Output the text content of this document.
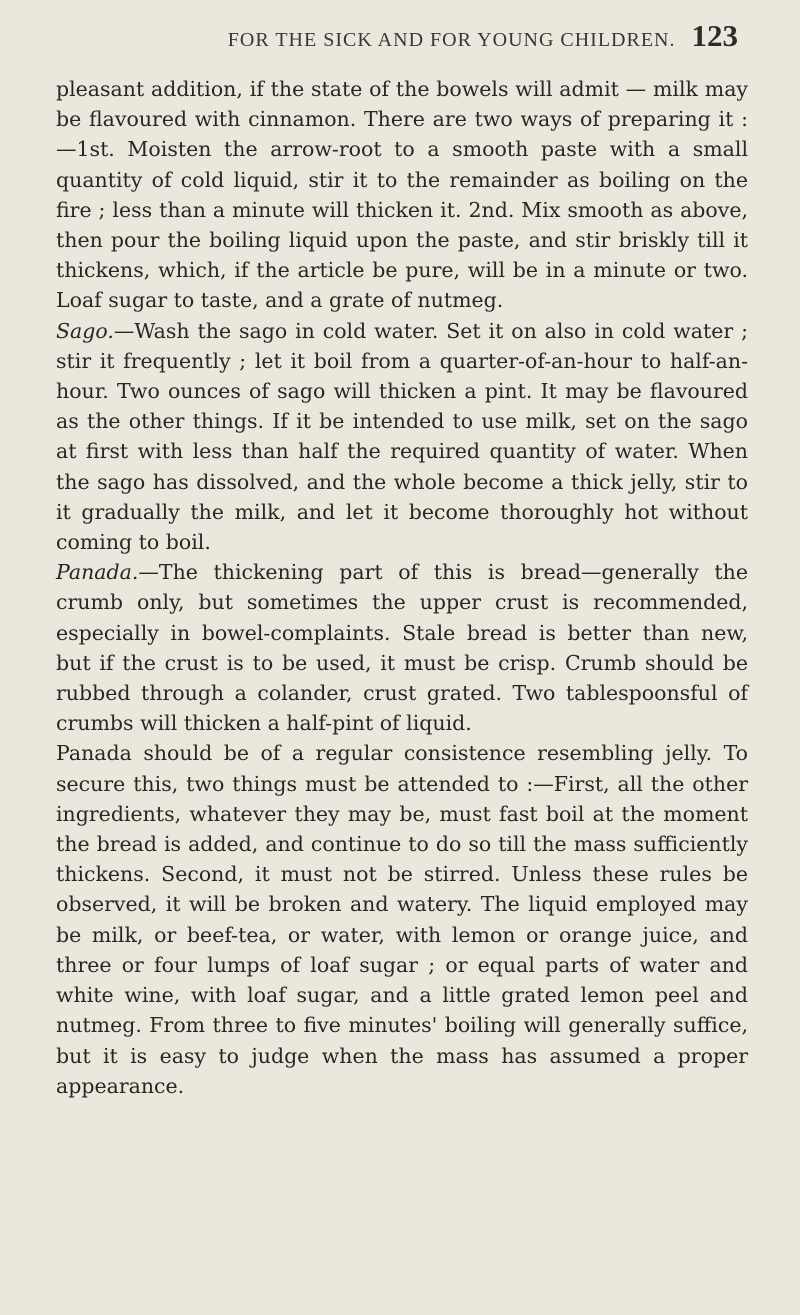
FOR THE SICK AND FOR YOUNG CHILDREN. 123

pleasant addition, if the state of the bowels will admit — milk may be flavoured with cinnamon. There are two ways of preparing it :—1st. Moisten the arrow-root to a smooth paste with a small quantity of cold liquid, stir it to the remainder as boiling on the fire ; less than a minute will thicken it. 2nd. Mix smooth as above, then pour the boiling liquid upon the paste, and stir briskly till it thickens, which, if the article be pure, will be in a minute or two. Loaf sugar to taste, and a grate of nutmeg.

Sago.—Wash the sago in cold water. Set it on also in cold water ; stir it frequently ; let it boil from a quarter-of-an-hour to half-an-hour. Two ounces of sago will thicken a pint. It may be flavoured as the other things. If it be intended to use milk, set on the sago at first with less than half the required quantity of water. When the sago has dissolved, and the whole become a thick jelly, stir to it gradually the milk, and let it become thoroughly hot without coming to boil.

Panada.—The thickening part of this is bread—generally the crumb only, but sometimes the upper crust is recommended, especially in bowel-complaints. Stale bread is better than new, but if the crust is to be used, it must be crisp. Crumb should be rubbed through a colander, crust grated. Two tablespoonsful of crumbs will thicken a half-pint of liquid.

Panada should be of a regular consistence resembling jelly. To secure this, two things must be attended to :—First, all the other ingredients, whatever they may be, must fast boil at the moment the bread is added, and continue to do so till the mass sufficiently thickens. Second, it must not be stirred. Unless these rules be observed, it will be broken and watery. The liquid employed may be milk, or beef-tea, or water, with lemon or orange juice, and three or four lumps of loaf sugar ; or equal parts of water and white wine, with loaf sugar, and a little grated lemon peel and nutmeg. From three to five minutes' boiling will generally suffice, but it is easy to judge when the mass has assumed a proper appearance.
